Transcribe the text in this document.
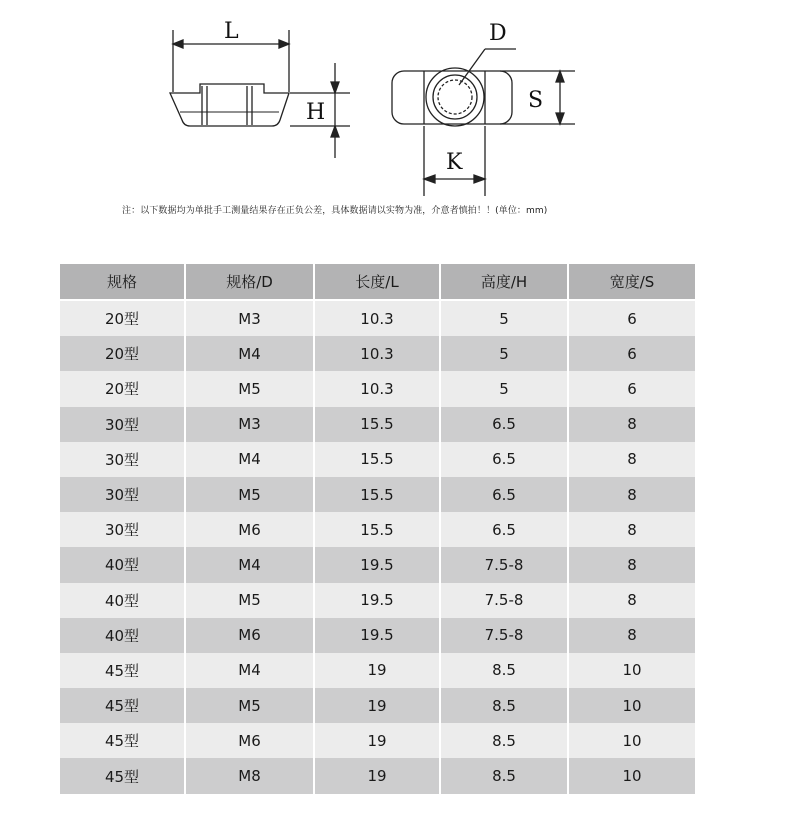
L
H
D
S
K
注：以下数据均为单批手工测量结果存在正负公差，具体数据请以实物为准，介意者慎拍！！(单位：mm)
规格	规格/D	长度/L	高度/H	宽度/S
20型	M3	10.3	5	6
20型	M4	10.3	5	6
20型	M5	10.3	5	6
30型	M3	15.5	6.5	8
30型	M4	15.5	6.5	8
30型	M5	15.5	6.5	8
30型	M6	15.5	6.5	8
40型	M4	19.5	7.5-8	8
40型	M5	19.5	7.5-8	8
40型	M6	19.5	7.5-8	8
45型	M4	19	8.5	10
45型	M5	19	8.5	10
45型	M6	19	8.5	10
45型	M8	19	8.5	10
